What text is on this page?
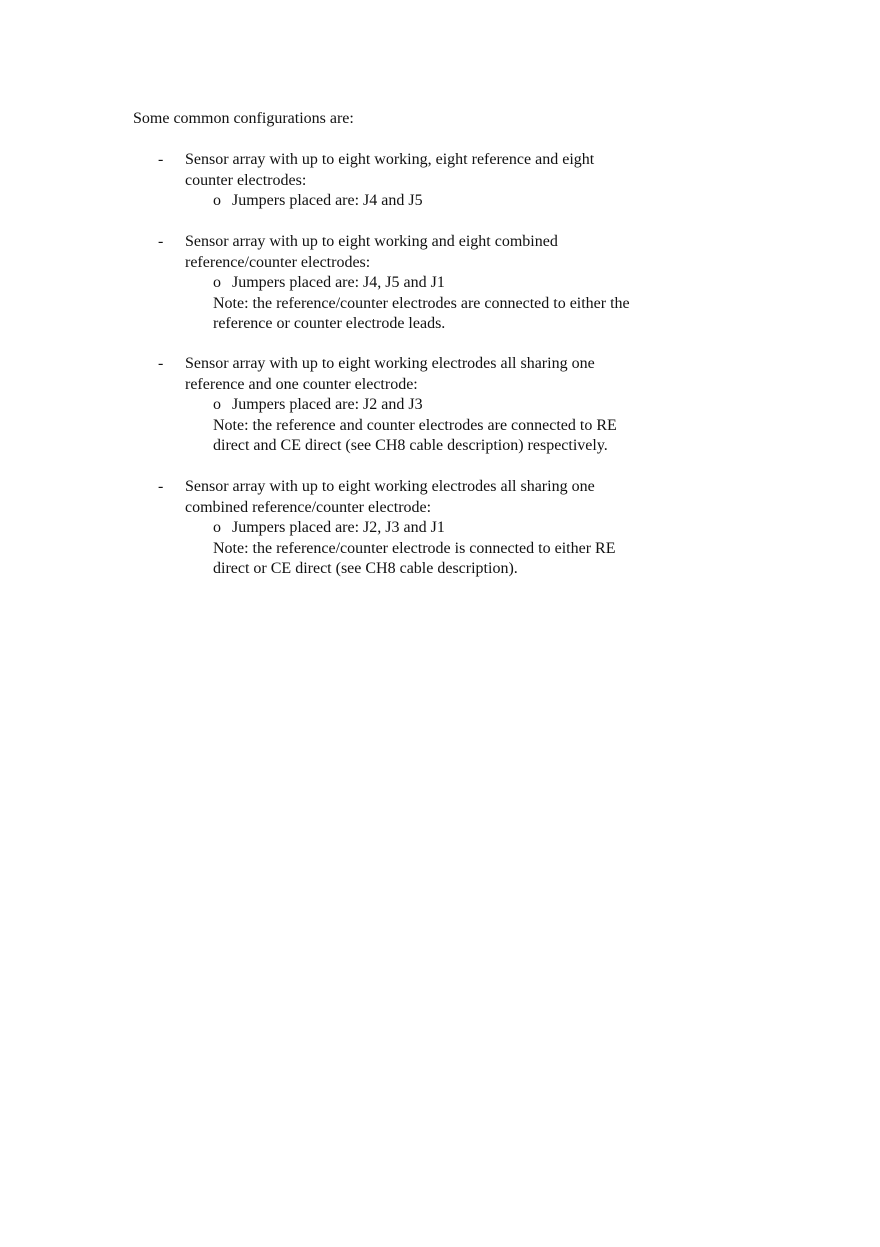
Some common configurations are:

- Sensor array with up to eight working, eight reference and eight
counter electrodes:
o Jumpers placed are: J4 and J5
- Sensor array with up to eight working and eight combined
reference/counter electrodes:
o Jumpers placed are: J4, J5 and J1
Note: the reference/counter electrodes are connected to either the
reference or counter electrode leads.
- Sensor array with up to eight working electrodes all sharing one
reference and one counter electrode:
o Jumpers placed are: J2 and J3
Note: the reference and counter electrodes are connected to RE
direct and CE direct (see CH8 cable description) respectively.
- Sensor array with up to eight working electrodes all sharing one
combined reference/counter electrode:
o Jumpers placed are: J2, J3 and J1
Note: the reference/counter electrode is connected to either RE
direct or CE direct (see CH8 cable description).
